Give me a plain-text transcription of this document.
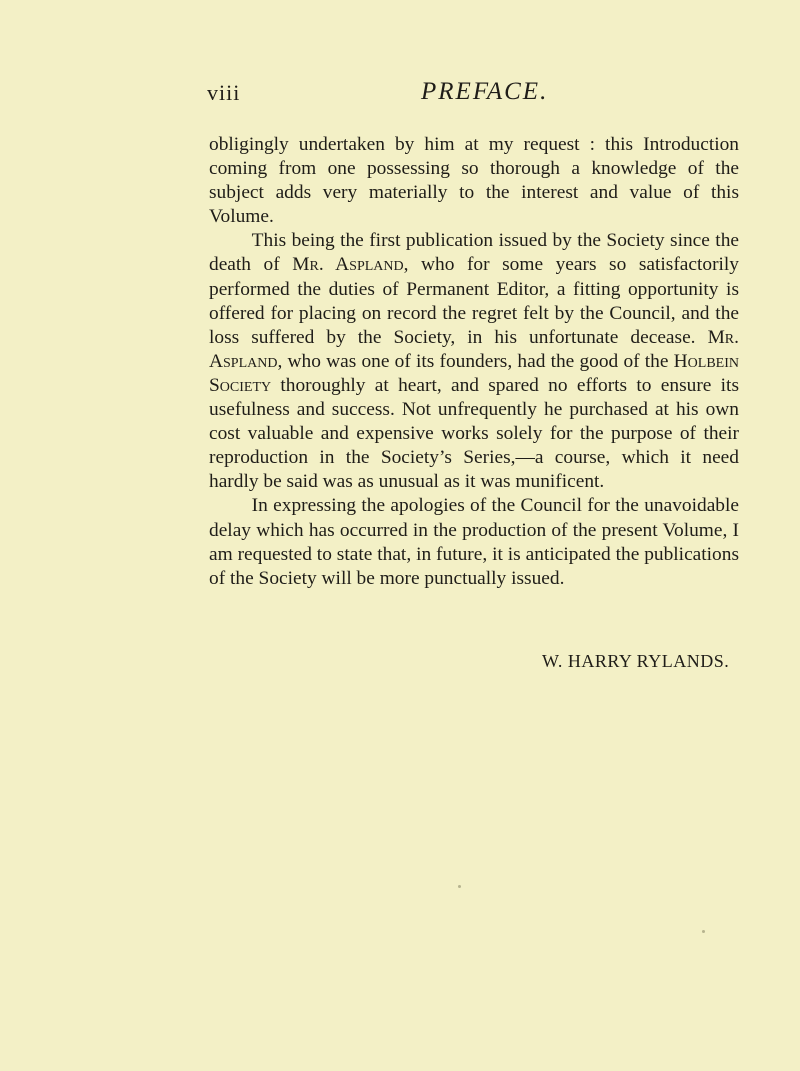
viii	PREFACE.

obligingly undertaken by him at my request : this Introduction coming from one possessing so thorough a knowledge of the subject adds very materially to the interest and value of this Volume.

This being the first publication issued by the Society since the death of Mr. Aspland, who for some years so satisfactorily performed the duties of Permanent Editor, a fitting opportunity is offered for placing on record the regret felt by the Council, and the loss suffered by the Society, in his unfortunate decease. Mr. Aspland, who was one of its founders, had the good of the Holbein Society thoroughly at heart, and spared no efforts to ensure its usefulness and success. Not unfrequently he purchased at his own cost valuable and expensive works solely for the purpose of their reproduction in the Society’s Series,—a course, which it need hardly be said was as unusual as it was munificent.

In expressing the apologies of the Council for the unavoidable delay which has occurred in the production of the present Volume, I am requested to state that, in future, it is anticipated the publications of the Society will be more punctually issued.

W. HARRY RYLANDS.
